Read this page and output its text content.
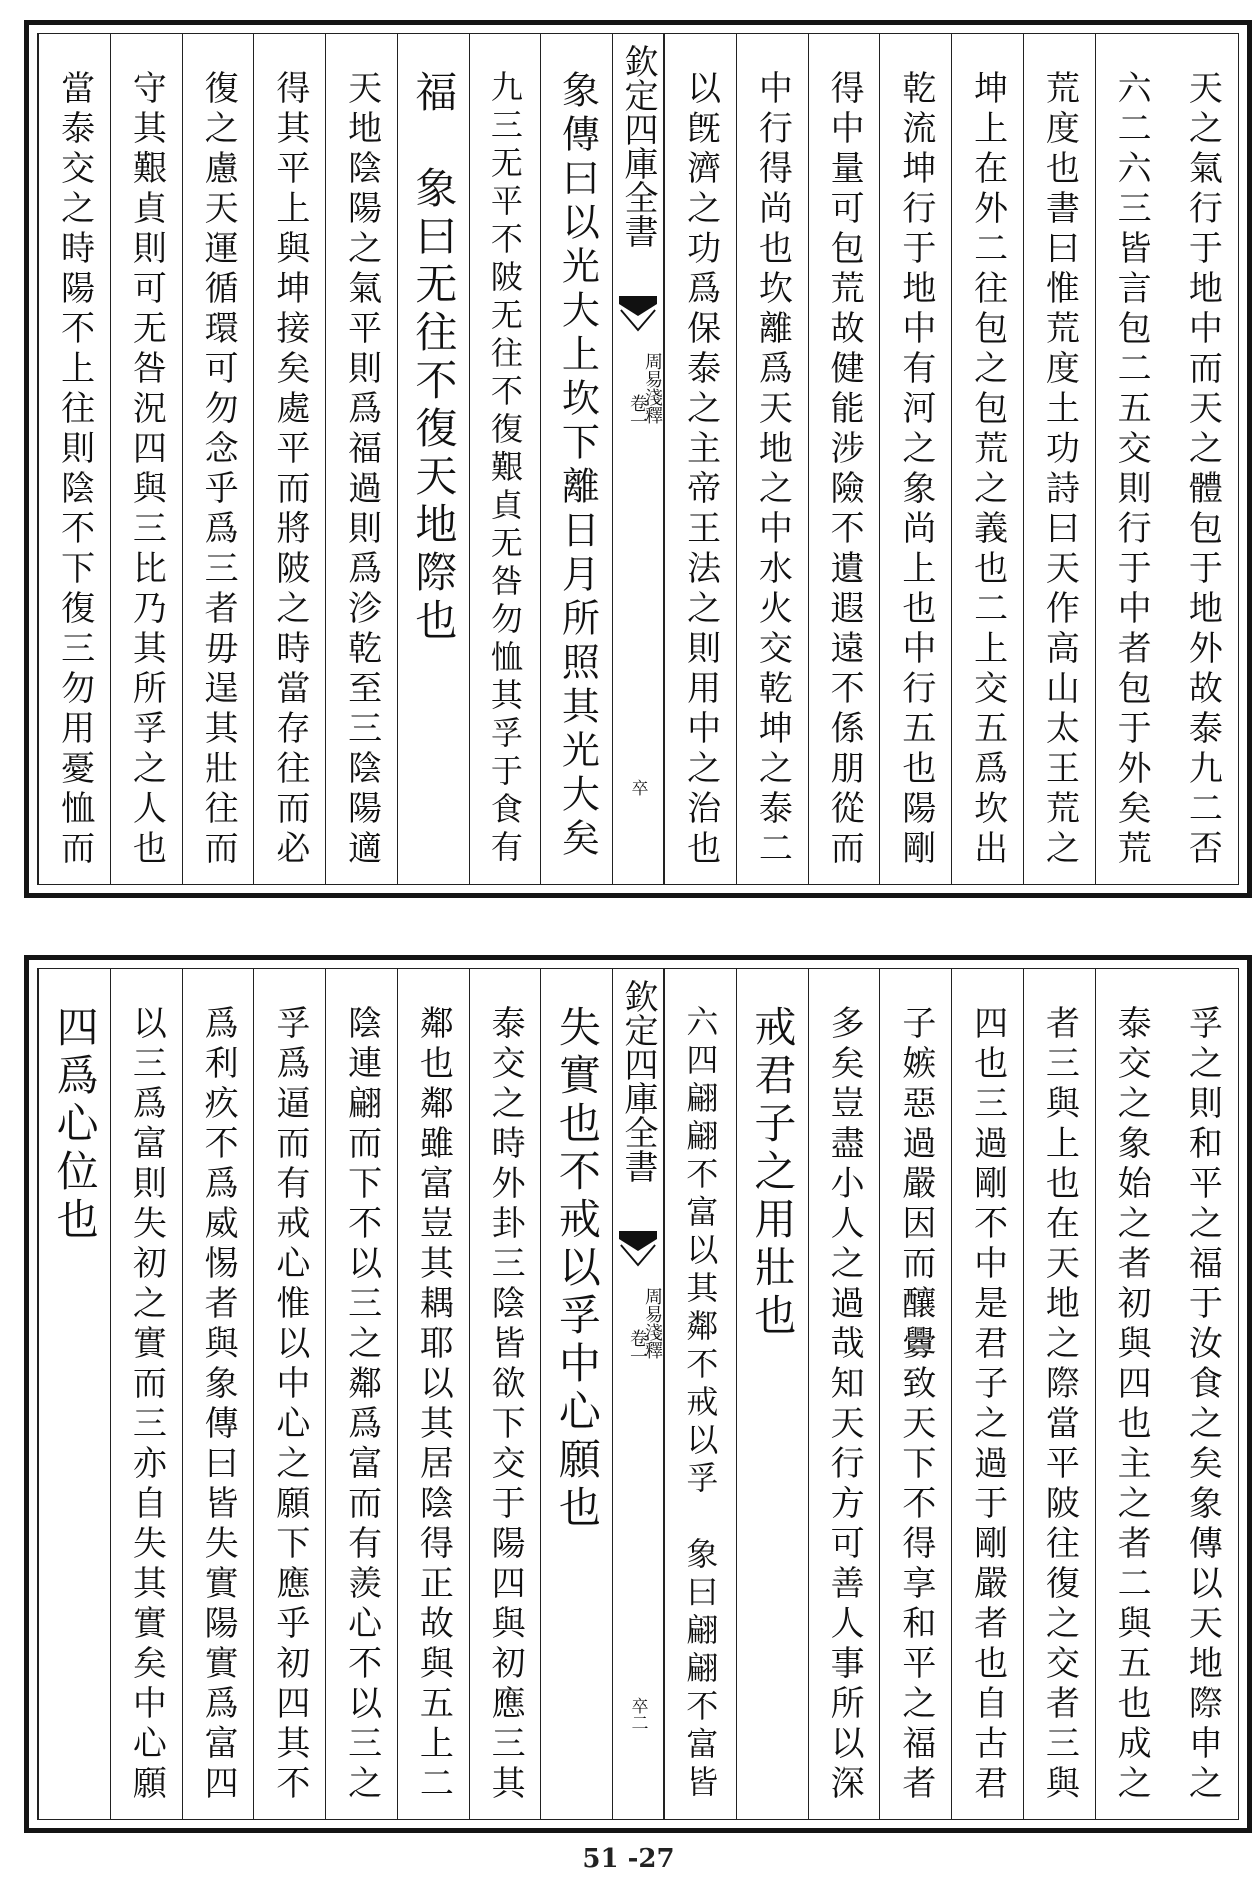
天之氣行于地中而天之體包于地外故泰九二否
六二六三皆言包二五交則行于中者包于外矣荒
荒度也書曰惟荒度土功詩曰天作高山太王荒之
坤上在外二往包之包荒之義也二上交五爲坎出
乾流坤行于地中有河之象尚上也中行五也陽剛
得中量可包荒故健能涉險不遺遐遠不係朋從而
中行得尚也坎離爲天地之中水火交乾坤之泰二
以旣濟之功爲保泰之主帝王法之則用中之治也
欽定四庫全書
周易淺釋
卷一
卒
象傳曰以光大上坎下離日月所照其光大矣
九三无平不陂无往不復艱貞无咎勿恤其孚于食有
福　象曰无往不復天地際也
天地陰陽之氣平則爲福過則爲沴乾至三陰陽適
得其平上與坤接矣處平而將陂之時當存往而必
復之慮天運循環可勿念乎爲三者毋逞其壯往而
守其艱貞則可无咎況四與三比乃其所孚之人也
當泰交之時陽不上往則陰不下復三勿用憂恤而
孚之則和平之福于汝食之矣象傳以天地際申之
泰交之象始之者初與四也主之者二與五也成之
者三與上也在天地之際當平陂往復之交者三與
四也三過剛不中是君子之過于剛嚴者也自古君
子嫉惡過嚴因而釀釁致天下不得享和平之福者
多矣豈盡小人之過哉知天行方可善人事所以深
戒君子之用壯也
六四翩翩不富以其鄰不戒以孚　象曰翩翩不富皆
欽定四庫全書
周易淺釋
卷一
卒二
失實也不戒以孚中心願也
泰交之時外卦三陰皆欲下交于陽四與初應三其
鄰也鄰雖富豈其耦耶以其居陰得正故與五上二
陰連翩而下不以三之鄰爲富而有羨心不以三之
孚爲逼而有戒心惟以中心之願下應乎初四其不
爲利疚不爲威惕者與象傳曰皆失實陽實爲富四
以三爲富則失初之實而三亦自失其實矣中心願
四爲心位也
51 -27
